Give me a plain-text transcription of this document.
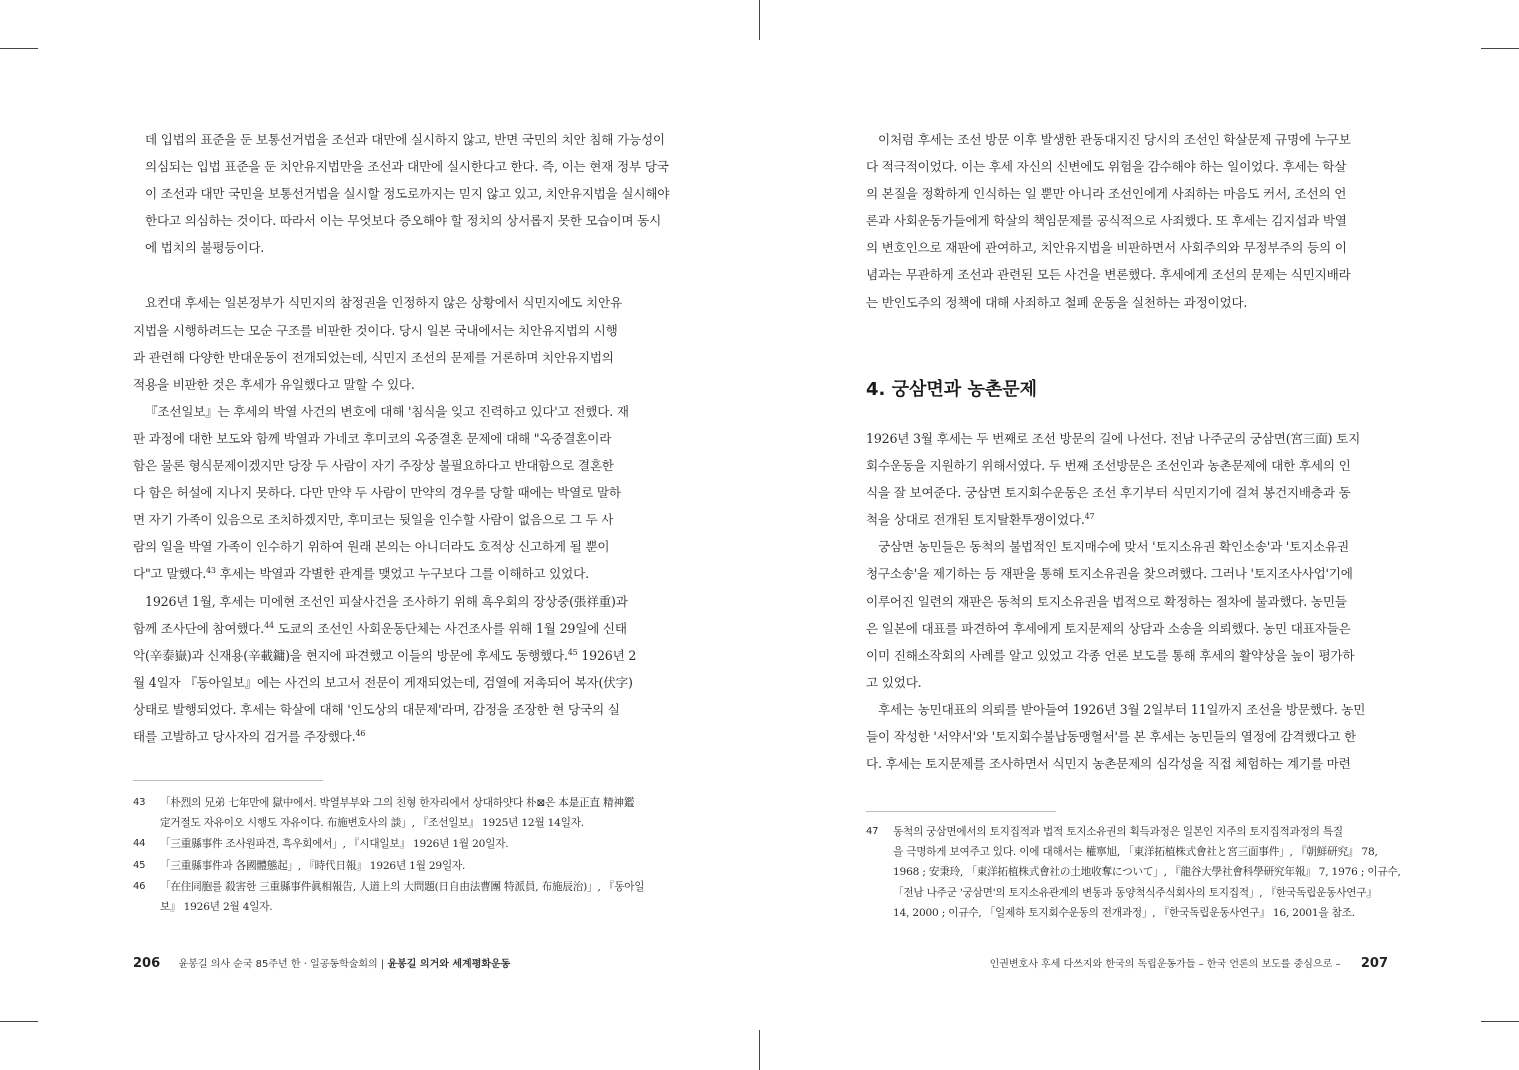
데 입법의 표준을 둔 보통선거법을 조선과 대만에 실시하지 않고, 반면 국민의 치안 침해 가능성이
의심되는 입법 표준을 둔 치안유지법만을 조선과 대만에 실시한다고 한다. 즉, 이는 현재 정부 당국
이 조선과 대만 국민을 보통선거법을 실시할 정도로까지는 믿지 않고 있고, 치안유지법을 실시해야
한다고 의심하는 것이다. 따라서 이는 무엇보다 증오해야 할 정치의 상서롭지 못한 모습이며 동시
에 법치의 불평등이다.

요컨대 후세는 일본정부가 식민지의 참정권을 인정하지 않은 상황에서 식민지에도 치안유
지법을 시행하려드는 모순 구조를 비판한 것이다. 당시 일본 국내에서는 치안유지법의 시행
과 관련해 다양한 반대운동이 전개되었는데, 식민지 조선의 문제를 거론하며 치안유지법의
적용을 비판한 것은 후세가 유일했다고 말할 수 있다.

『조선일보』는 후세의 박열 사건의 변호에 대해 '침식을 잊고 진력하고 있다'고 전했다. 재
판 과정에 대한 보도와 함께 박열과 가네코 후미코의 옥중결혼 문제에 대해 "옥중결혼이라
함은 물론 형식문제이겠지만 당장 두 사람이 자기 주장상 불필요하다고 반대함으로 결혼한
다 함은 허설에 지나지 못하다. 다만 만약 두 사람이 만약의 경우를 당할 때에는 박열로 말하
면 자기 가족이 있음으로 조치하겠지만, 후미코는 뒷일을 인수할 사람이 없음으로 그 두 사
람의 일을 박열 가족이 인수하기 위하여 원래 본의는 아니더라도 호적상 신고하게 될 뿐이
다"고 말했다.$^{43}$ 후세는 박열과 각별한 관계를 맺었고 누구보다 그를 이해하고 있었다.

1926년 1월, 후세는 미에현 조선인 피살사건을 조사하기 위해 흑우회의 장상중(張祥重)과
함께 조사단에 참여했다.$^{44}$ 도쿄의 조선인 사회운동단체는 사건조사를 위해 1월 29일에 신태
악(辛泰嶽)과 신재용(辛載鏞)을 현지에 파견했고 이들의 방문에 후세도 동행했다.$^{45}$ 1926년 2
월 4일자 『동아일보』에는 사건의 보고서 전문이 게재되었는데, 검열에 저촉되어 복자(伏字)
상태로 발행되었다. 후세는 학살에 대해 '인도상의 대문제'라며, 감정을 조장한 현 당국의 실
태를 고발하고 당사자의 검거를 주장했다.$^{46}$

43 「朴烈의 兄弟 七年만에 獄中에서. 박열부부와 그의 친형 한자리에서 상대하얏다 朴⊠은 本是正直 精神鑑
定거절도 자유이오 시행도 자유이다. 布施변호사의 談」, 『조선일보』 1925년 12월 14일자.
44 「三重縣事件 조사원파견, 흑우회에서」, 『시대일보』 1926년 1월 20일자.
45 「三重縣事件과 各國體態起」, 『時代日報』 1926년 1월 29일자.
46 「在住同胞를 殺害한 三重縣事件眞相報告, 人道上의 大問題(日自由法曹團 特派員, 布施辰治)」, 『동아일
보』 1926년 2월 4일자.
206 윤봉길 의사 순국 85주년 한 · 일공동학술회의 | 윤봉길 의거와 세계평화운동

이처럼 후세는 조선 방문 이후 발생한 관동대지진 당시의 조선인 학살문제 규명에 누구보
다 적극적이었다. 이는 후세 자신의 신변에도 위험을 감수해야 하는 일이었다. 후세는 학살
의 본질을 정확하게 인식하는 일 뿐만 아니라 조선인에게 사죄하는 마음도 커서, 조선의 언
론과 사회운동가들에게 학살의 책임문제를 공식적으로 사죄했다. 또 후세는 김지섭과 박열
의 변호인으로 재판에 관여하고, 치안유지법을 비판하면서 사회주의와 무정부주의 등의 이
념과는 무관하게 조선과 관련된 모든 사건을 변론했다. 후세에게 조선의 문제는 식민지배라
는 반인도주의 정책에 대해 사죄하고 철폐 운동을 실천하는 과정이었다.

4. 궁삼면과 농촌문제

1926년 3월 후세는 두 번째로 조선 방문의 길에 나선다. 전남 나주군의 궁삼면(宮三面) 토지
회수운동을 지원하기 위해서였다. 두 번째 조선방문은 조선인과 농촌문제에 대한 후세의 인
식을 잘 보여준다. 궁삼면 토지회수운동은 조선 후기부터 식민지기에 걸쳐 봉건지배층과 동
척을 상대로 전개된 토지탈환투쟁이었다.$^{47}$

궁삼면 농민들은 동척의 불법적인 토지매수에 맞서 '토지소유권 확인소송'과 '토지소유권
청구소송'을 제기하는 등 재판을 통해 토지소유권을 찾으려했다. 그러나 '토지조사사업'기에
이루어진 일련의 재판은 동척의 토지소유권을 법적으로 확정하는 절차에 불과했다. 농민들
은 일본에 대표를 파견하여 후세에게 토지문제의 상담과 소송을 의뢰했다. 농민 대표자들은
이미 진해소작회의 사례를 알고 있었고 각종 언론 보도를 통해 후세의 활약상을 높이 평가하
고 있었다.

후세는 농민대표의 의뢰를 받아들여 1926년 3월 2일부터 11일까지 조선을 방문했다. 농민
들이 작성한 '서약서'와 '토지회수불납동맹혈서'를 본 후세는 농민들의 열정에 감격했다고 한
다. 후세는 토지문제를 조사하면서 식민지 농촌문제의 심각성을 직접 체험하는 계기를 마련

47 동척의 궁삼면에서의 토지집적과 법적 토지소유권의 획득과정은 일본인 지주의 토지집적과정의 특질
을 극명하게 보여주고 있다. 이에 대해서는 權寧旭, 「東洋拓植株式會社と宮三面事件」, 『朝鮮研究』 78,
1968 ; 安秉玲, 「東洋拓植株式會社の土地收奪について」, 『龍谷大學社會科學研究年報』 7, 1976 ; 이규수,
「전남 나주군 '궁삼면'의 토지소유관계의 변동과 동양척식주식회사의 토지집적」, 『한국독립운동사연구』
14, 2000 ; 이규수, 「일제하 토지회수운동의 전개과정」, 『한국독립운동사연구』 16, 2001을 참조.
인권변호사 후세 다쓰지와 한국의 독립운동가들 – 한국 언론의 보도를 중심으로 – 207
